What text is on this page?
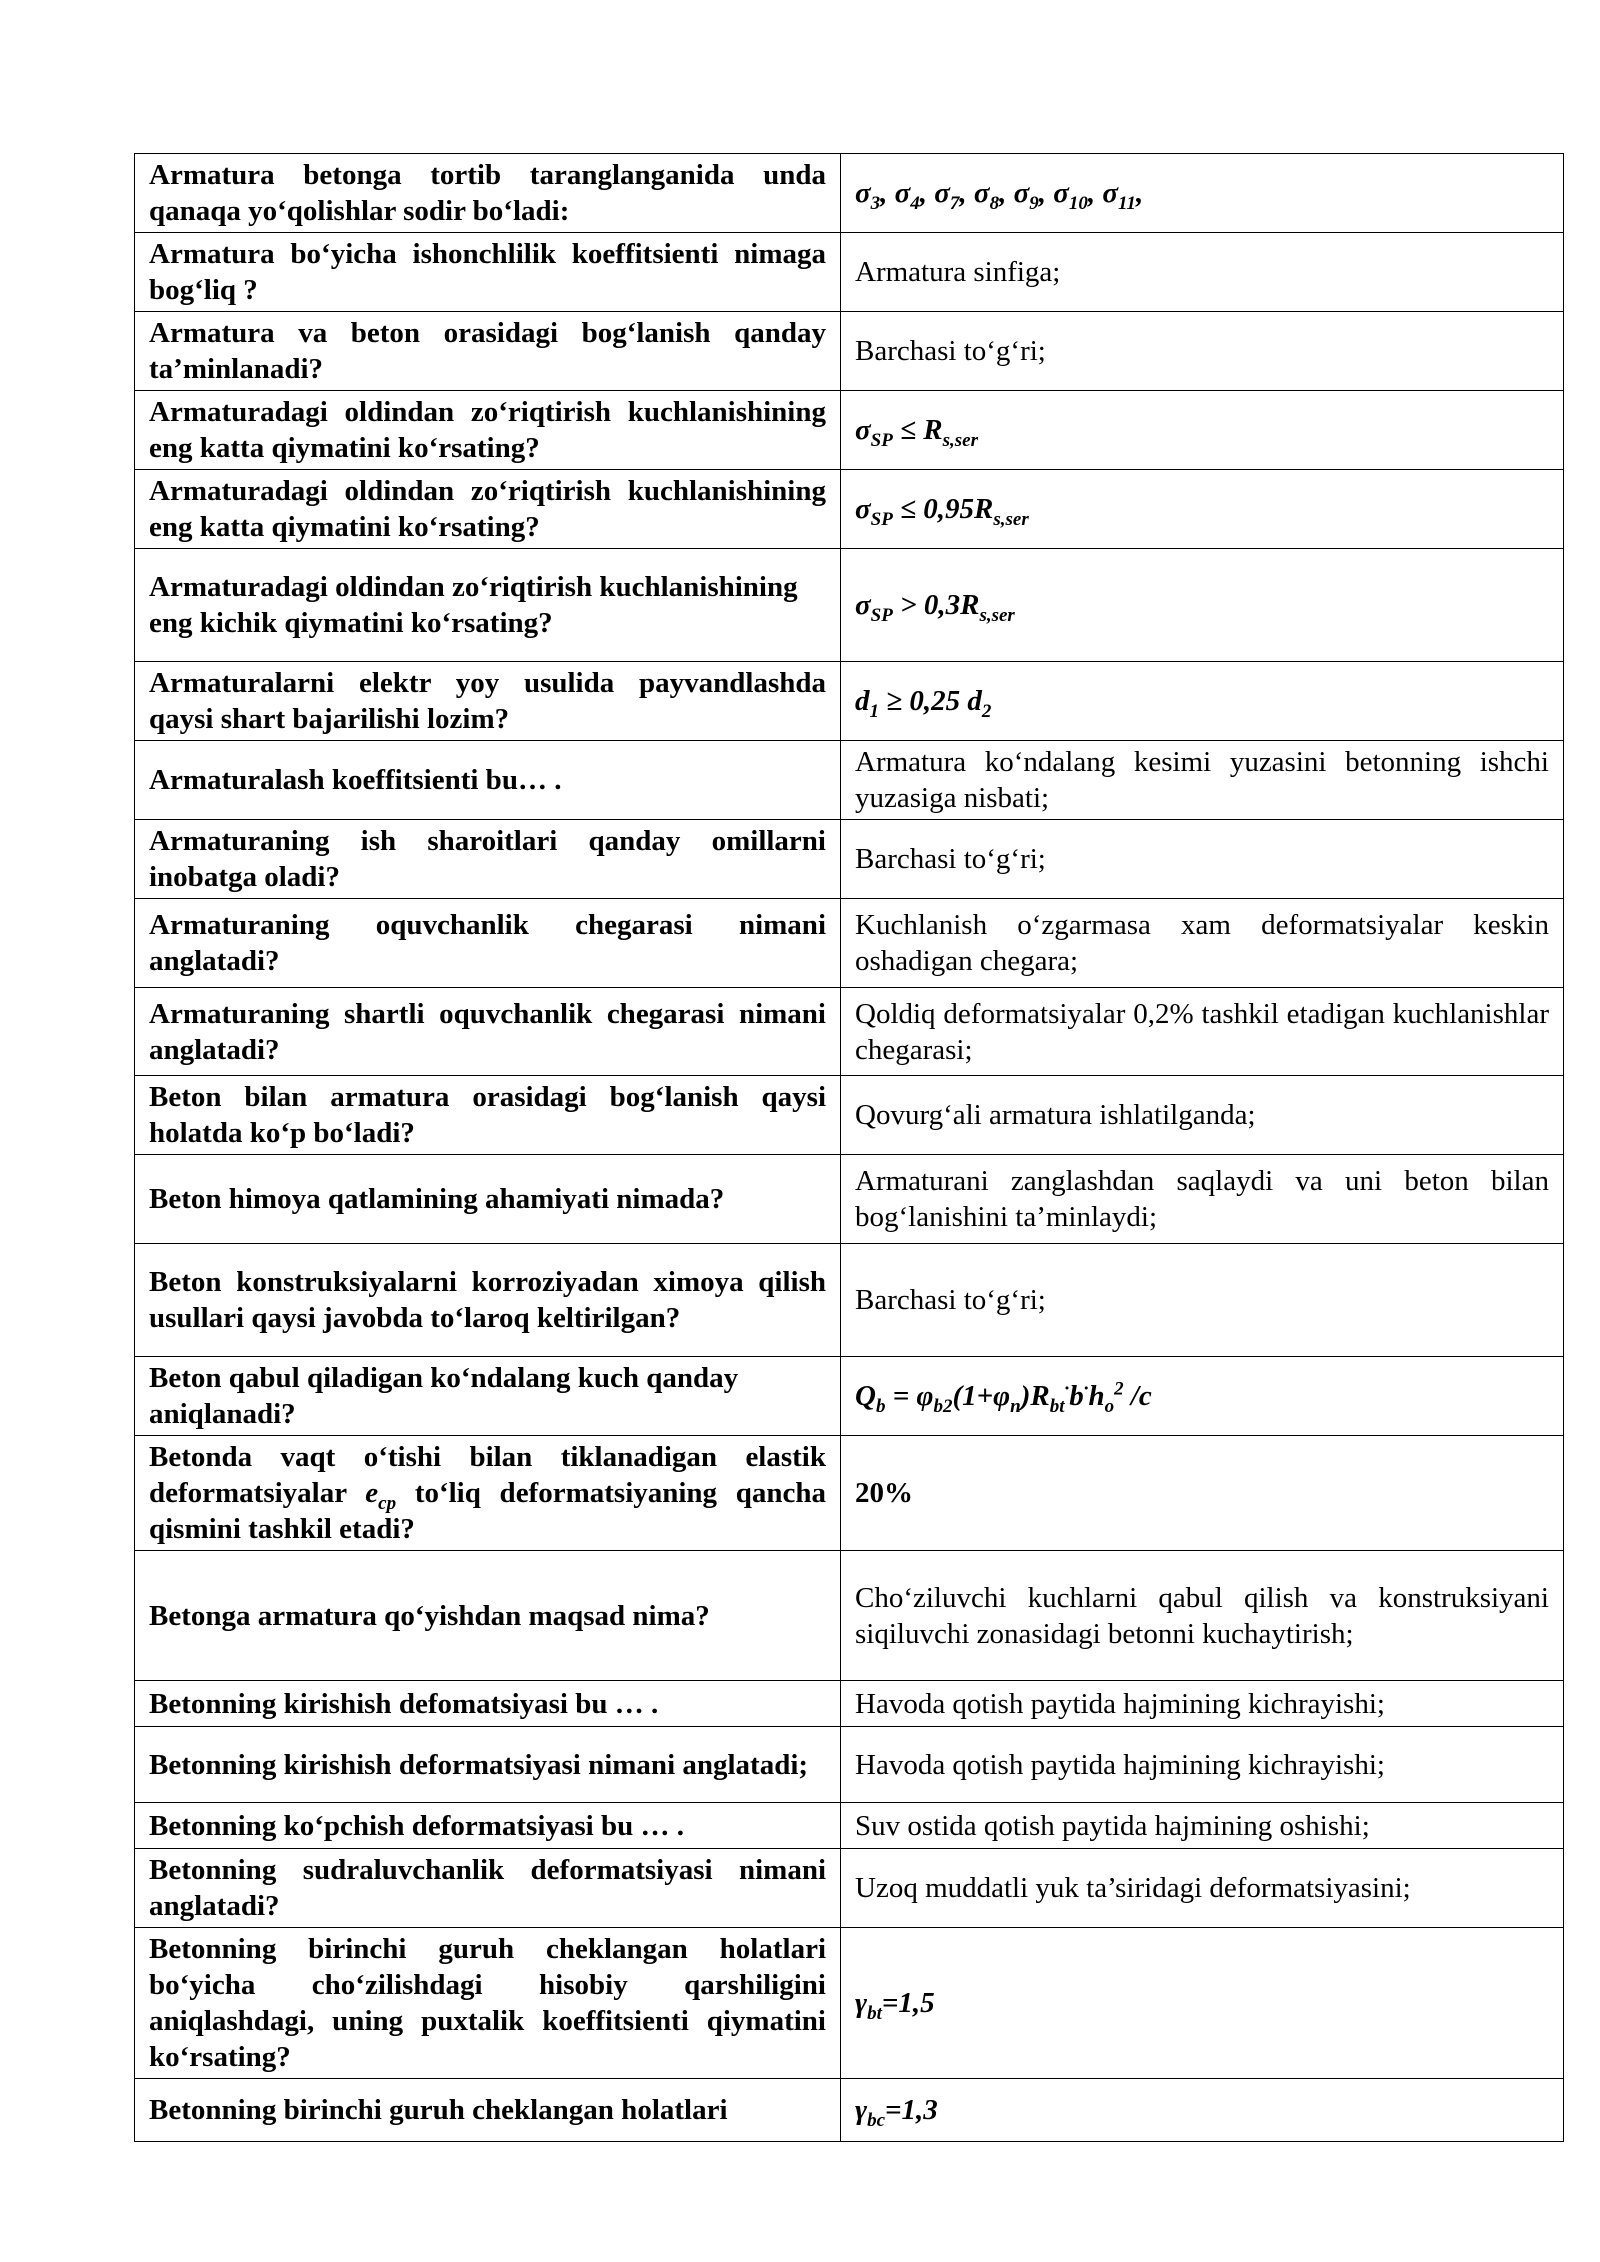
Armatura betonga tortib taranglanganida unda qanaqa yo‘qolishlar sodir bo‘ladi:	$\sigma_3$, $\sigma_4$, $\sigma_7$, $\sigma_8$, $\sigma_9$, $\sigma_{10}$, $\sigma_{11}$,
Armatura bo‘yicha ishonchlilik koeffitsienti nimaga bog‘liq ?	Armatura sinfiga;
Armatura va beton orasidagi bog‘lanish qanday ta’minlanadi?	Barchasi to‘g‘ri;
Armaturadagi oldindan zo‘riqtirish kuchlanishining eng katta qiymatini ko‘rsating?	$\sigma_{SP} \le R_{s,ser}$
Armaturadagi oldindan zo‘riqtirish kuchlanishining eng katta qiymatini ko‘rsating?	$\sigma_{SP} \le 0,95R_{s,ser}$
Armaturadagi oldindan zo‘riqtirish kuchlanishining eng kichik qiymatini ko‘rsating?	$\sigma_{SP} > 0,3R_{s,ser}$
Armaturalarni elektr yoy usulida payvandlashda qaysi shart bajarilishi lozim?	$d_1 \ge 0,25$ $d_2$
Armaturalash koeffitsienti bu… .	Armatura ko‘ndalang kesimi yuzasini betonning ishchi yuzasiga nisbati;
Armaturaning ish sharoitlari qanday omillarni inobatga oladi?	Barchasi to‘g‘ri;
Armaturaning oquvchanlik chegarasi nimani anglatadi?	Kuchlanish o‘zgarmasa xam deformatsiyalar keskin oshadigan chegara;
Armaturaning shartli oquvchanlik chegarasi nimani anglatadi?	Qoldiq deformatsiyalar 0,2% tashkil etadigan kuchlanishlar chegarasi;
Beton bilan armatura orasidagi bog‘lanish qaysi holatda ko‘p bo‘ladi?	Qovurg‘ali armatura ishlatilganda;
Beton himoya qatlamining ahamiyati nimada?	Armaturani zanglashdan saqlaydi va uni beton bilan bog‘lanishini ta’minlaydi;
Beton konstruksiyalarni korroziyadan ximoya qilish usullari qaysi javobda to‘laroq keltirilgan?	Barchasi to‘g‘ri;
Beton qabul qiladigan ko‘ndalang kuch qanday aniqlanadi?	$Q_b = \varphi_{b2}(1+\varphi_n)R_{bt}^\cdot b^\cdot h_o^2$ /c
Betonda vaqt o‘tishi bilan tiklanadigan elastik deformatsiyalar $e_{cp}$ to‘liq deformatsiyaning qancha qismini tashkil etadi?	20%
Betonga armatura qo‘yishdan maqsad nima?	Cho‘ziluvchi kuchlarni qabul qilish va konstruksiyani siqiluvchi zonasidagi betonni kuchaytirish;
Betonning kirishish defomatsiyasi bu … .	Havoda qotish paytida hajmining kichrayishi;
Betonning kirishish deformatsiyasi nimani anglatadi;	Havoda qotish paytida hajmining kichrayishi;
Betonning ko‘pchish deformatsiyasi bu … .	Suv ostida qotish paytida hajmining oshishi;
Betonning sudraluvchanlik deformatsiyasi nimani anglatadi?	Uzoq muddatli yuk ta’siridagi deformatsiyasini;
Betonning birinchi guruh cheklangan holatlari bo‘yicha cho‘zilishdagi hisobiy qarshiligini aniqlashdagi, uning puxtalik koeffitsienti qiymatini ko‘rsating?	$\gamma_{bt}=1,5$
Betonning birinchi guruh cheklangan holatlari	$\gamma_{bc}=1,3$
